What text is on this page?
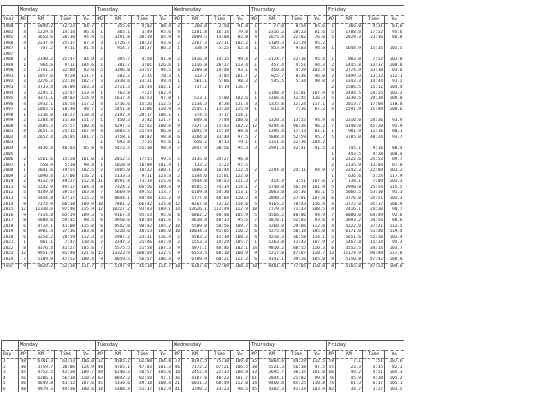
	Monday				Tuesday				Wednesday				Thursday				Friday			
Year	#D	KM	Time	V=	#D	KM	Time	V=	#D	KM	Time	V=	#D	KM	Time	V=	#D	KM	Time	V=
1980	1	1049.2	12:23	84.7	1	355.6	4:02	88.4	2	260.0	2:50	91.8	1	77.0	0:54	85.6	1	366.0	4:31	81.0
1982	4	1229.4	14:14	86.4	1	365.1	3:49	95.6	4	1281.8	16:14	79.0	4	2316.2	28:23	81.6	5	1708.0	17:52	95.6
1985	4	3653.6	38:30	94.9	5	3291.8	38:19	85.9	4	1089.5	13:08	83.0	4	1675.4	22:02	76.0	5	2029.3	23:36	86.0
1986	4	2237.9	25:37	87.4	3	1726.7	18:22	93.6	2	2267.3	22:11	102.2	1	1109.3	11:39	95.2				
1987	1	747.2	9:11	81.4	1	914.7	10:37	86.2	1	338.9	5:25	62.4	1	853.9	9:03	94.4	1	1644.9	15:35	105.5
1987																				
1988	2	2190.2	25:47	84.9	2	395.7	4:50	81.8	2	1416.8	14:15	99.4	2	2124.7	22:16	95.4	1	803.0	7:52	102.0
1989	1	964.6	9:11	104.6	1	381.7	3:01	126.6	1	1316.8	20:27	113.4	1	457.4	4:51	94.3	2	1445.8	13:17	108.8
1990	5	2741.3	32:08	83.6	5	3396.0	33:57	94.5	4	2309.8	24:48	93.1	4	450.0	4:29	102.5	6	2774.9	33:10	83.6
1991	1	1057.6	9:28	111.7	1	202.2	2:35	78.3	1	313.7	3:05	101.7	2	825.7	8:36	96.0	2	1499.3	13:22	112.1
1992	3	2276.2	22:10	102.7	3	3330.6	33:31	99.4	1	581.1	5:06	98.3	2	545.5	5:34	98.0	3	1343.3	14:44	91.2
1993	5	3733.4	36:09	103.3	2	2711.3	26:34	102.1	2	737.2	6:19	116.7					2	1586.5	15:12	104.4
1994	3	2295.1	22:47	113.9	1	762.8	7:27	102.4					1	1188.4	11:01	107.9	4	2494.5	24:25	102.2
1995	4	4371.1	38:02	114.9	4	1637.4	16:53	97.0	1	513.1	5:00	102.6	1	1366.6	11:45	116.3	5	3230.5	29:38	109.0
1996	4	1932.1	16:54	117.2	4	1736.6	15:26	112.5	2	1134.3	8:38	131.4	3	1335.0	11:24	117.1	3	2013.7	17:04	118.0
1997	2	1065.5	10:48	98.7	2	1451.8	13:06	110.9	3	1545.1	13:20	115.9	1	633.8	7:16	87.2	4	1591.9	15:49	100.6
1998	1	1236.0	10:27	118.4	2	2192.4	20:17	108.1	1	374.5	3:17	114.1								
1999	2	1284.8	11:30	111.7	1	450.3	3:42	121.7	1	849.0	7:49	108.6	3	1320.3	13:55	94.9	4	2310.0	24:36	93.9
2000	4	2605.3	25:57	100.4	6	4297.3	42:42	100.6	9	7327.3	71:43	102.2	12	9294.6	96:36	96.2	7	4348.0	45:20	95.9
2001	4	2651.5	25:15	107.9	4	1883.5	21:54	86.0	2	1092.9	11:19	88.6	3	1396.4	17:13	81.1	1	981.9	12:16	80.1
2002	4	2652.4	26:05	101.7	5	3758.1	38:02	98.8	6	3204.0	33:40	97.5	7	5088.4	52:59	95.7	5	3785.0	40:24	93.7
2003					1	692.8	7:15	95.6	1	650.2	8:13	79.1	1	1311.6	11:36	104.2				
2004	4	3436.4	40:03	85.8	6	5473.5	55:38	98.4	7	2947.9	30:56	95.3	3	2991.4	32:41	91.5	2	745.1	9:16	80.4
2005																	1	443.5	4:38	100.4
2006	2	1561.6	15:28	101.0	3	2012.5	17:55	99.5	5	3335.0	34:27	96.8					3	2322.6	25:53	89.7
2007	1	550.9	5:38	98.4	1	1028.9	10:09	101.4	1	133.2	1:22	97.5					2	1135.9	13:04	87.0
2008	1	2041.6	19:55	102.5	2	1985.0	18:22	108.1	2	1880.8	16:44	112.4	2	2294.0	24:11	94.9	2	2242.3	22:09	101.2
2009	2	1090.4	17:00	116.2	1	1133.3	9:11	123.4	2	1344.0	11:01	122.0					1	636.6	5:24	117.9
2010	2	9132.9	49:27	112.8	11	8591.4	73:34	115.0	6	5944.0	50:43	111.3	2	414.4	3:51	107.6	2	738.1	7:09	103.3
2011	6	5142.9	49:17	104.4	8	7324.2	66:56	109.4	9	8505.5	74:34	114.1	7	5740.0	56:19	101.9	5	2990.0	25:54	115.5
2012	5	4149.0	39:57	103.8	7	5669.9	49:52	113.7	7	6109.8	54:30	113.1	5	3063.0	35:36	86.1	5	5066.5	53:10	95.3
2013	5	5444.8	47:17	115.2	9	8044.1	69:48	115.2	9	5777.0	48:04	120.2	4	2898.2	27:01	107.6	6	3776.8	35:51	105.3
2014	8	7274.9	66:10	109.9	10	7801.2	66:42	115.0	12	8267.0	72:12	114.6	5	9165.2	78:43	116.4	4	3772.0	35:17	106.9
2015	12	11338.6	97:40	115.9	12	10227.2	93:43	109.1	14	12626.1	111:49	112.9	10	7779.4	71:43	108.5	4	2416.1	24:30	98.7
2016	9	7314.8	65:39	109.3	5	9167.4	95:53	95.6	8	6802.2	48:48	105.9	5	4566.2	48:06	94.9	7	6000.0	64:49	92.6
2017	8	5888.6	59:45	98.5	6	4950.6	48:44	101.6	5	4638.4	48:33	95.5	7	4870.1	52:03	93.6	4	3093.2	34:54	88.6
2018	6	4714.1	41:00	115.0	6	9542.0	90:42	105.2	10	5589.0	50:56	109.7	6	3260.0	29:06	112.0	4	4222.0	37:31	112.5
2019	6	3901.4	37:36	103.8	8	5220.6	48:53	106.8	10	10034.3	91:05	110.2	6	5275.0	50:14	105.0	4	6171.0	51:40	119.4
2020	6	3254.2	28:59	112.3	5	2907.2	23:31	116.4	5	4503.2	41:38	108.2	4	4218.3	36:58	114.1	5	5651.6	55:10	102.4
2021	1	861.1	7:47	110.6	2	2347.3	21:46	107.8	2	1553.3	14:29	105.7	1	1263.8	11:43	107.9	2	1467.8	15:34	94.3
2022	8	4376.4	41:27	105.6	7	5575.5	51:58	107.3	9	4977.1	48:46	102.1	14	9810.2	88:55	110.3	6	3552.5	34:14	103.7
2023	12	9951.9	81:48	121.6	15	13323.9	108:44	122.5	9	6553.5	60:10	108.9	9	5217.0	47:07	110.7	13	11174.9	94:49	117.8
2024	7	5189.9	47:52	108.4	9	6059.5	56:57	106.4	9	6709.9	60:21	111.2	6	4142.1	39:26	105.0	8	5150.8	47:42	108.0
Year	9	5829.2	52:18	111.7	7	5197.9	45:18	114.7	10	6187.6	57:09	108.3	10	8481.4	77:05	110.0	8	5165.8	47:23	109.0
	Monday				Tuesday				Wednesday				Thursday				Friday			
Day	#P	KM	Time	V=	#P	KM	Time	V=	#P	KM	Time	V=	#P	KM	Time	V=	#P	KM	Time	V=
1	48	6701.3	63:13	106.0	32	4505.2	62:00	104.8	73	8197.5	75:10	109.0	35	5004.6	44:29	112.5	59	7.1	:51	107.6
2	40	3759.7	30:06	124.9	48	4765.1	47:03	101.3	46	7172.2	67:21	106.5	38	5521.3	56:38	97.5	55	23.3	4:35	82.3
3	45	4752.5	43:20	109.7	49	6240.3	58:57	105.8	18	2452.4	22:33	108.8	33	3695.7	36:35	101.0	66	49.2	4:51	105.3
4	56	6206.1	56:18	110.3	63	8042.2	82:50	97.1	36	4107.0	40:23	101.7	61	2044.1	21:02	99.0	76	45.9	4:10	105.2
5	46	4649.8	43:12	107.6	45	5336.6	49:18	108.4	21	6831.3	60:49	112.0	34	9460.8	85:25	110.8	74	61.3	6:37	105.1
6	48	4979.3	49:30	100.6	34	5308.4	51:37	102.9	41	3290.2	33:23	98.5	45	4302.3	41:24	103.9	82	34.7	3:27	101.5
